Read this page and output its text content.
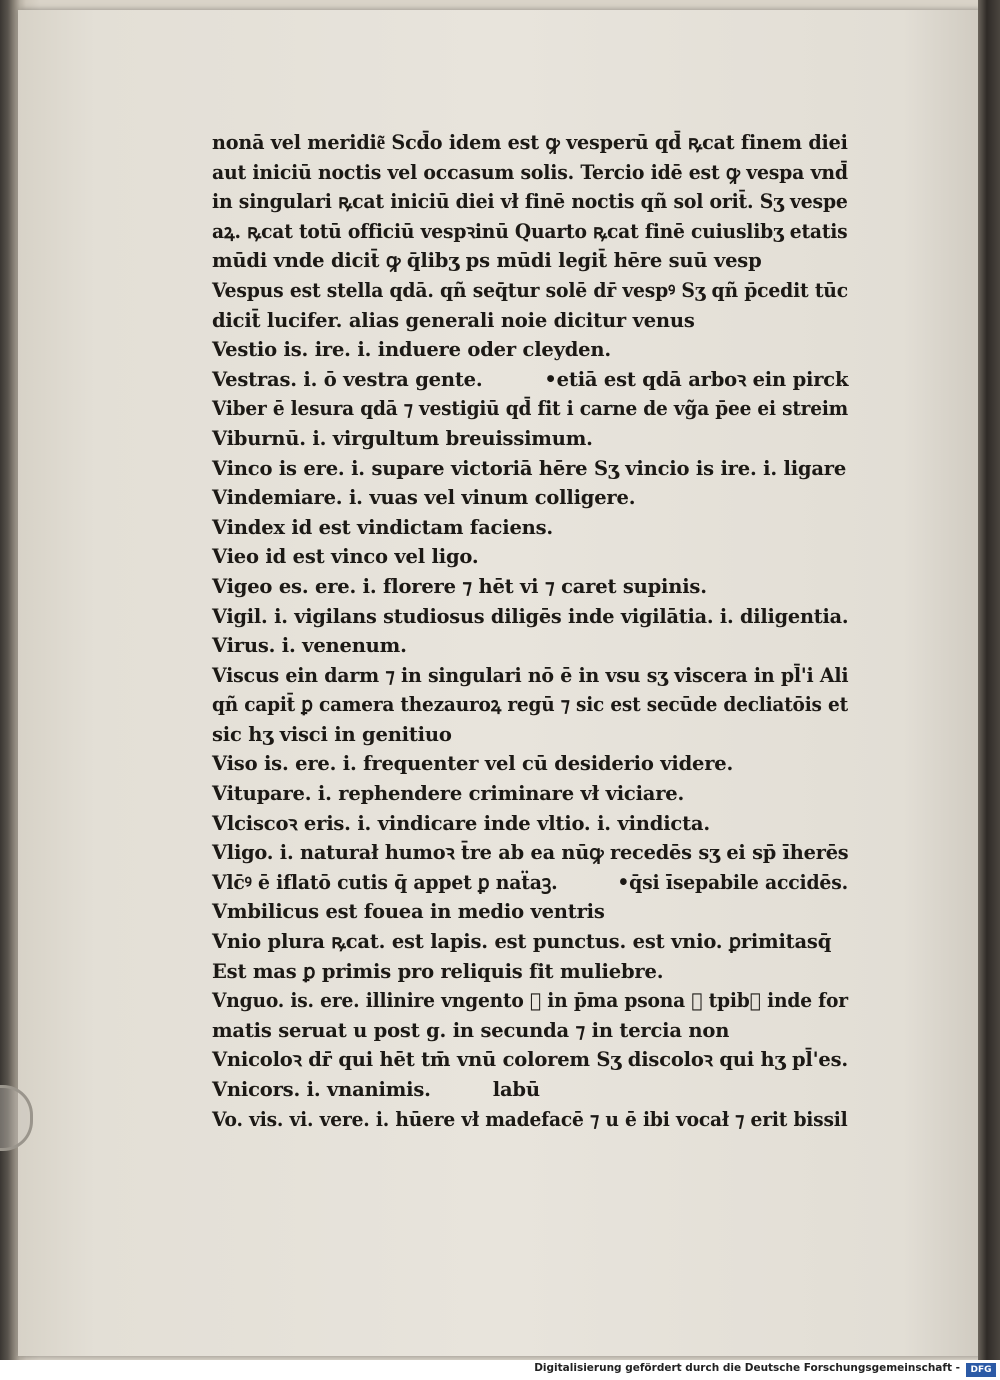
nonā vel meridie͂ Scd̄o idem est ꝙ vesperū qd̄ ꝶcat finem diei
aut iniciū noctis vel occasum solis. Tercio idē est ꝙ vespa vnd̄
in singulari ꝶcat iniciū diei vł finē noctis qñ sol orit̄. Sʒ vespe
aꝝ. ꝶcat totū officiū vespꝛinū Quarto ꝶcat finē cuiuslibʒ etatis
mūdi vnde dicit̄ ꝙ q̄libʒ ps mūdi legit̄ hēre suū vesp
Vespus est stella qdā. qñ seq̄tur solē dr̄ vespꝰ Sʒ qñ p̄cedit tūc
dicit̄ lucifer. alias generali noie dicitur venus
Vestio is. ire. i. induere oder cleyden.
Vestras. i. ō vestra gente.	•etiā est qdā arboꝛ ein pirck
Viber ē lesura qdā ⁊ vestigiū qd̄ fit i carne de vg̃a p̄ee ei streim
Viburnū. i. virgultum breuissimum.
Vinco is ere. i. supare victoriā hēre Sʒ vincio is ire. i. ligare
Vindemiare. i. vuas vel vinum colligere.
Vindex id est vindictam faciens.
Vieo id est vinco vel ligo.
Vigeo es. ere. i. florere ⁊ hēt vi ⁊ caret supinis.
Vigil. i. vigilans studiosus diligēs inde vigilātia. i. diligentia.
Virus. i. venenum.
Viscus ein darm ⁊ in singulari nō ē in vsu sʒ viscera in pl̄'i Ali
qñ capit̄ ꝑ camera thezauroꝝ regū ⁊ sic est secūde decliatōis et
sic hʒ visci in genitiuo
Viso is. ere. i. frequenter vel cū desiderio videre.
Vitupare. i. rephendere criminare vł viciare.
Vlciscoꝛ eris. i. vindicare inde vltio. i. vindicta.
Vligo. i. naturał humoꝛ t̄re ab ea nūꝙ recedēs sʒ ei sp̄ īherēs
Vlc̄ꝰ ē iflatō cutis q̄ appet ꝑ naẗaꝫ.	•q̄si īsepabile accidēs.
Vmbilicus est fouea in medio ventris
Vnio plura ꝶcat. est lapis. est punctus. est vnio. ꝑrimitasq̄
Est mas ꝑ primis pro reliquis fit muliebre.
Vnguo. is. ere. illinire vngento ⁊ in p̄ma psona ⁊ tpib᷒ inde for
matis seruat u post g. in secunda ⁊ in tercia non
Vnicoloꝛ dr̄ qui hēt tm̄ vnū colorem Sʒ discoloꝛ qui hʒ pl̄'es.
Vnicors. i. vnanimis.	labū
Vo. vis. vi. vere. i. hūere vł madefacē ⁊ u ē ibi vocał ⁊ erit bissil
Digitalisierung gefördert durch die Deutsche Forschungsgemeinschaft -	DFG
